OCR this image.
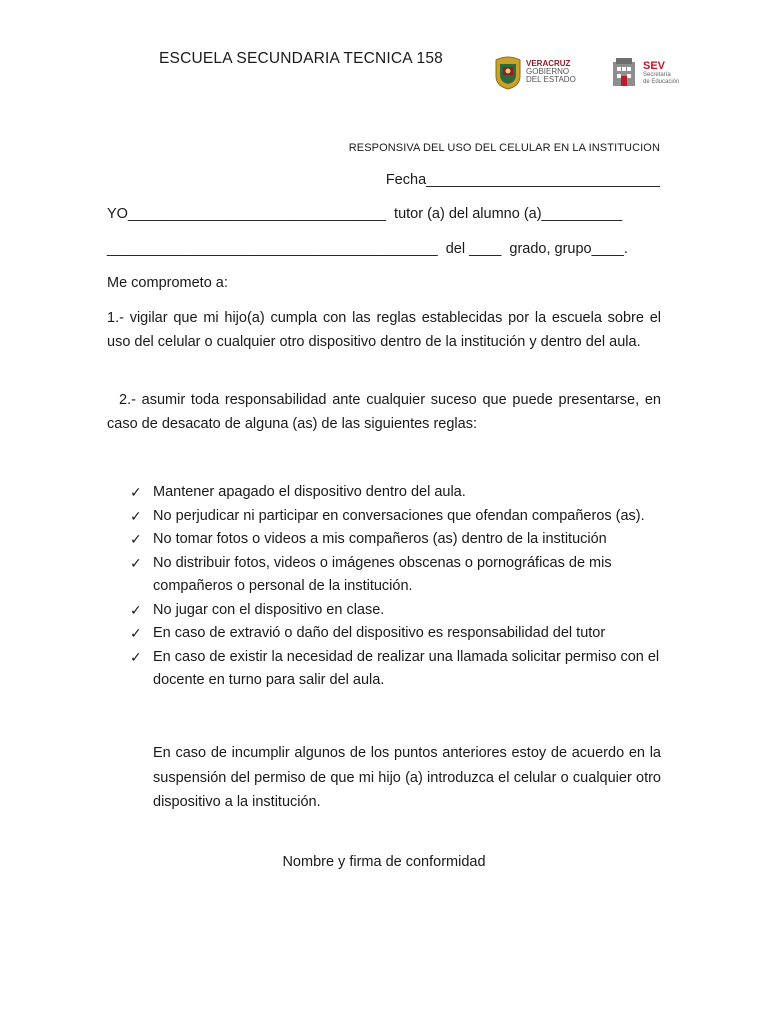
ESCUELA SECUNDARIA TECNICA 158	VERACRUZ
GOBIERNO
DEL ESTADO
SEV
Secretaría
de Educación
RESPONSIVA DEL USO DEL CELULAR EN LA INSTITUCION
Fecha_____________________________
YO________________________________  tutor (a) del alumno (a)__________
_________________________________________  del ____  grado, grupo____.
Me comprometo a:
1.- vigilar que mi hijo(a) cumpla con las reglas establecidas por la escuela sobre el uso del celular o cualquier otro dispositivo dentro de la institución y dentro del aula.
2.- asumir toda responsabilidad ante cualquier suceso que puede presentarse, en caso de desacato de alguna (as) de las siguientes reglas:
✓ Mantener apagado el dispositivo dentro del aula.
✓ No perjudicar ni participar en conversaciones que ofendan compañeros (as).
✓ No tomar fotos o videos a mis compañeros (as) dentro de la institución
✓ No distribuir fotos, videos o imágenes obscenas o pornográficas de mis compañeros o personal de la institución.
✓ No jugar con el dispositivo en clase.
✓ En caso de extravió o daño del dispositivo es responsabilidad del tutor
✓ En caso de existir la necesidad de realizar una llamada solicitar permiso con el docente en turno para salir del aula.
En caso de incumplir algunos de los puntos anteriores estoy de acuerdo en la suspensión del permiso de que mi hijo (a) introduzca el celular o cualquier otro dispositivo a la institución.
Nombre y firma de conformidad
